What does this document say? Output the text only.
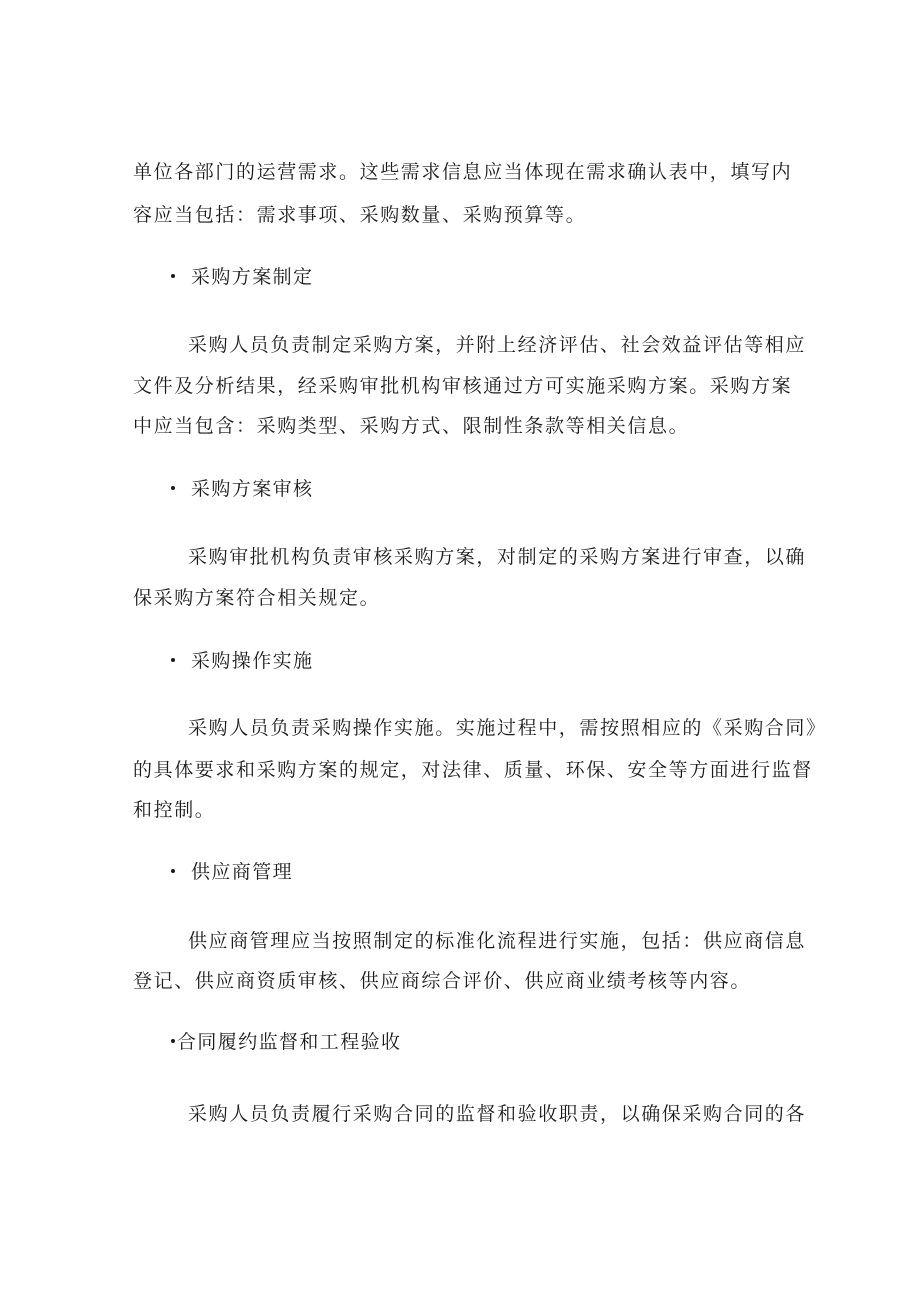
单位各部门的运营需求。这些需求信息应当体现在需求确认表中，填写内

容应当包括：需求事项、采购数量、采购预算等。

采购方案制定

采购人员负责制定采购方案，并附上经济评估、社会效益评估等相应

文件及分析结果，经采购审批机构审核通过方可实施采购方案。采购方案

中应当包含：采购类型、采购方式、限制性条款等相关信息。

采购方案审核

采购审批机构负责审核采购方案，对制定的采购方案进行审查，以确

保采购方案符合相关规定。

采购操作实施

采购人员负责采购操作实施。实施过程中，需按照相应的《采购合同》

的具体要求和采购方案的规定，对法律、质量、环保、安全等方面进行监督

和控制。

供应商管理

供应商管理应当按照制定的标准化流程进行实施，包括：供应商信息

登记、供应商资质审核、供应商综合评价、供应商业绩考核等内容。

合同履约监督和工程验收

采购人员负责履行采购合同的监督和验收职责，以确保采购合同的各
